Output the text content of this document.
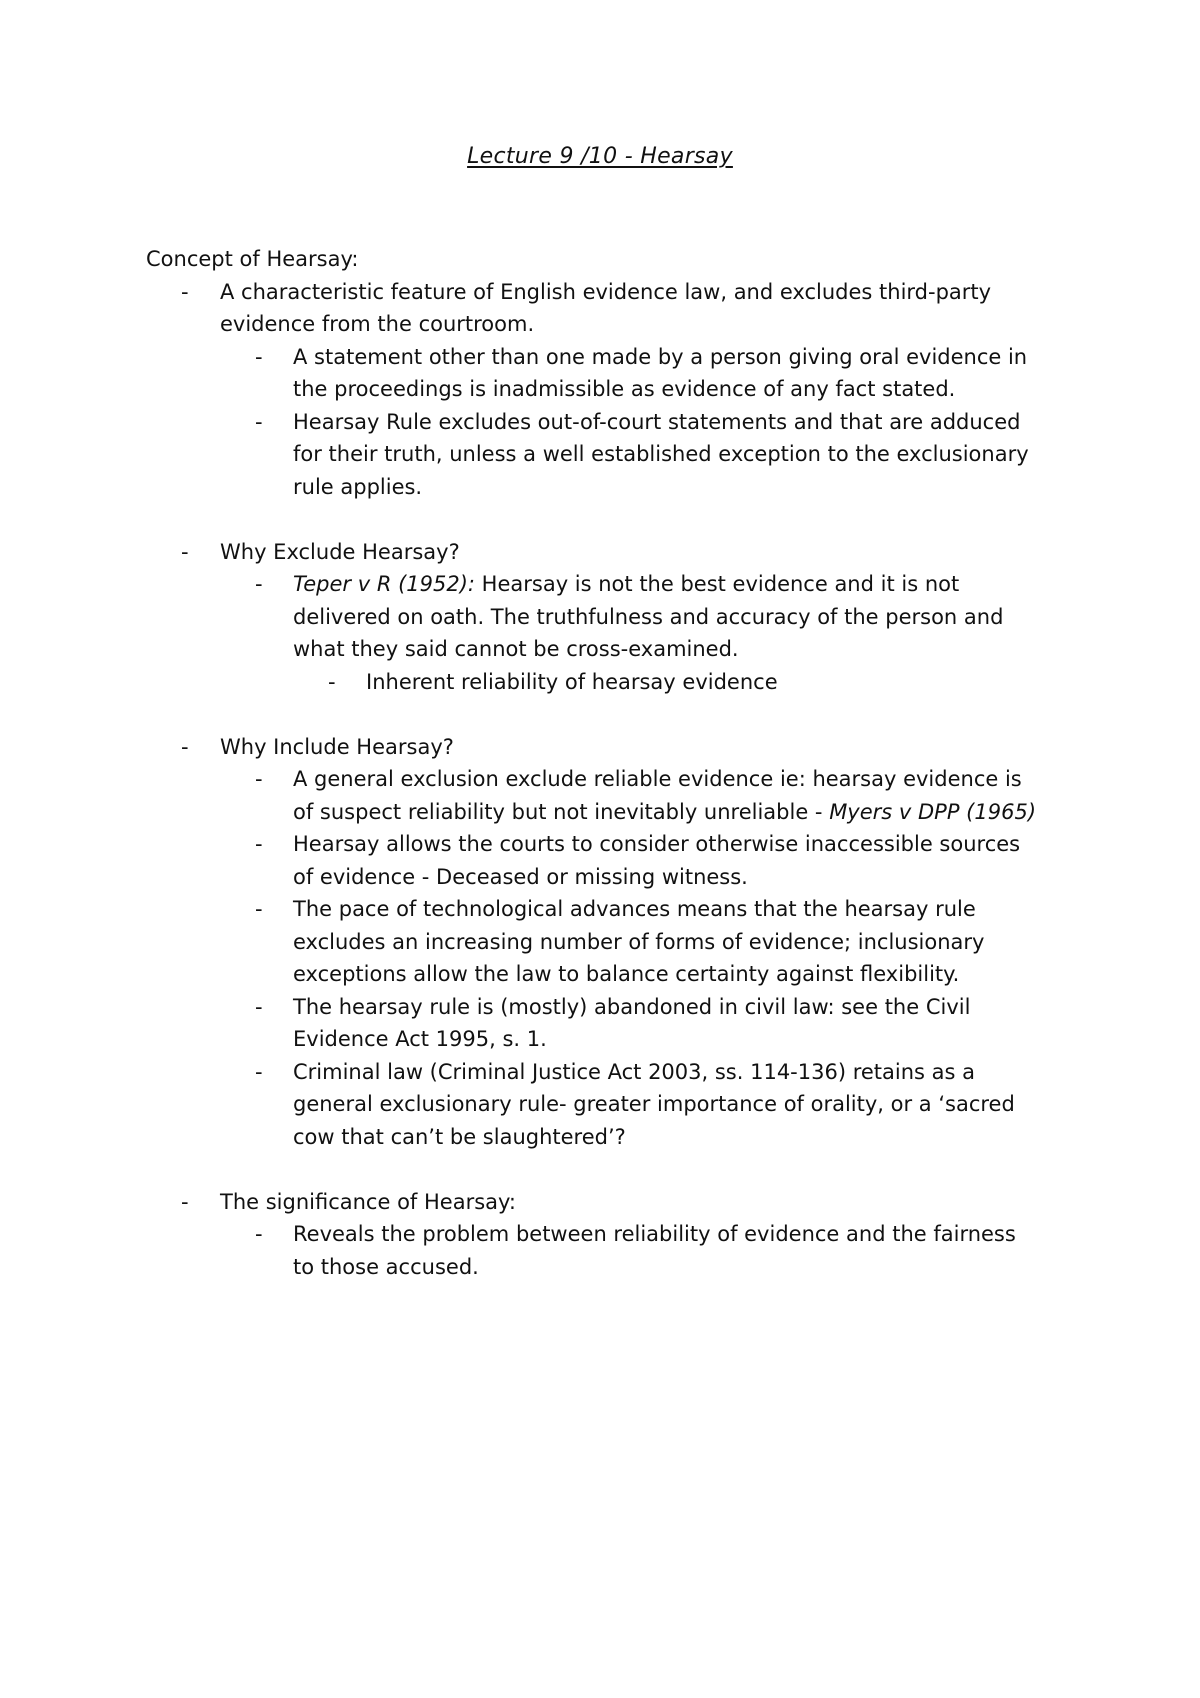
Lecture 9 /10 - Hearsay

Concept of Hearsay:

- A characteristic feature of English evidence law, and excludes third-party evidence from the courtroom.
- A statement other than one made by a person giving oral evidence in the proceedings is inadmissible as evidence of any fact stated.
- Hearsay Rule excludes out-of-court statements and that are adduced for their truth, unless a well established exception to the exclusionary rule applies.
- Why Exclude Hearsay?
- Teper v R (1952): Hearsay is not the best evidence and it is not delivered on oath. The truthfulness and accuracy of the person and what they said cannot be cross-examined.
- Inherent reliability of hearsay evidence
- Why Include Hearsay?
- A general exclusion exclude reliable evidence ie: hearsay evidence is of suspect reliability but not inevitably unreliable - Myers v DPP (1965)
- Hearsay allows the courts to consider otherwise inaccessible sources of evidence - Deceased or missing witness.
- The pace of technological advances means that the hearsay rule excludes an increasing number of forms of evidence; inclusionary exceptions allow the law to balance certainty against flexibility.
- The hearsay rule is (mostly) abandoned in civil law: see the Civil Evidence Act 1995, s. 1.
- Criminal law (Criminal Justice Act 2003, ss. 114-136) retains as a general exclusionary rule- greater importance of orality, or a ‘sacred cow that can’t be slaughtered’?
- The significance of Hearsay:
- Reveals the problem between reliability of evidence and the fairness to those accused.
